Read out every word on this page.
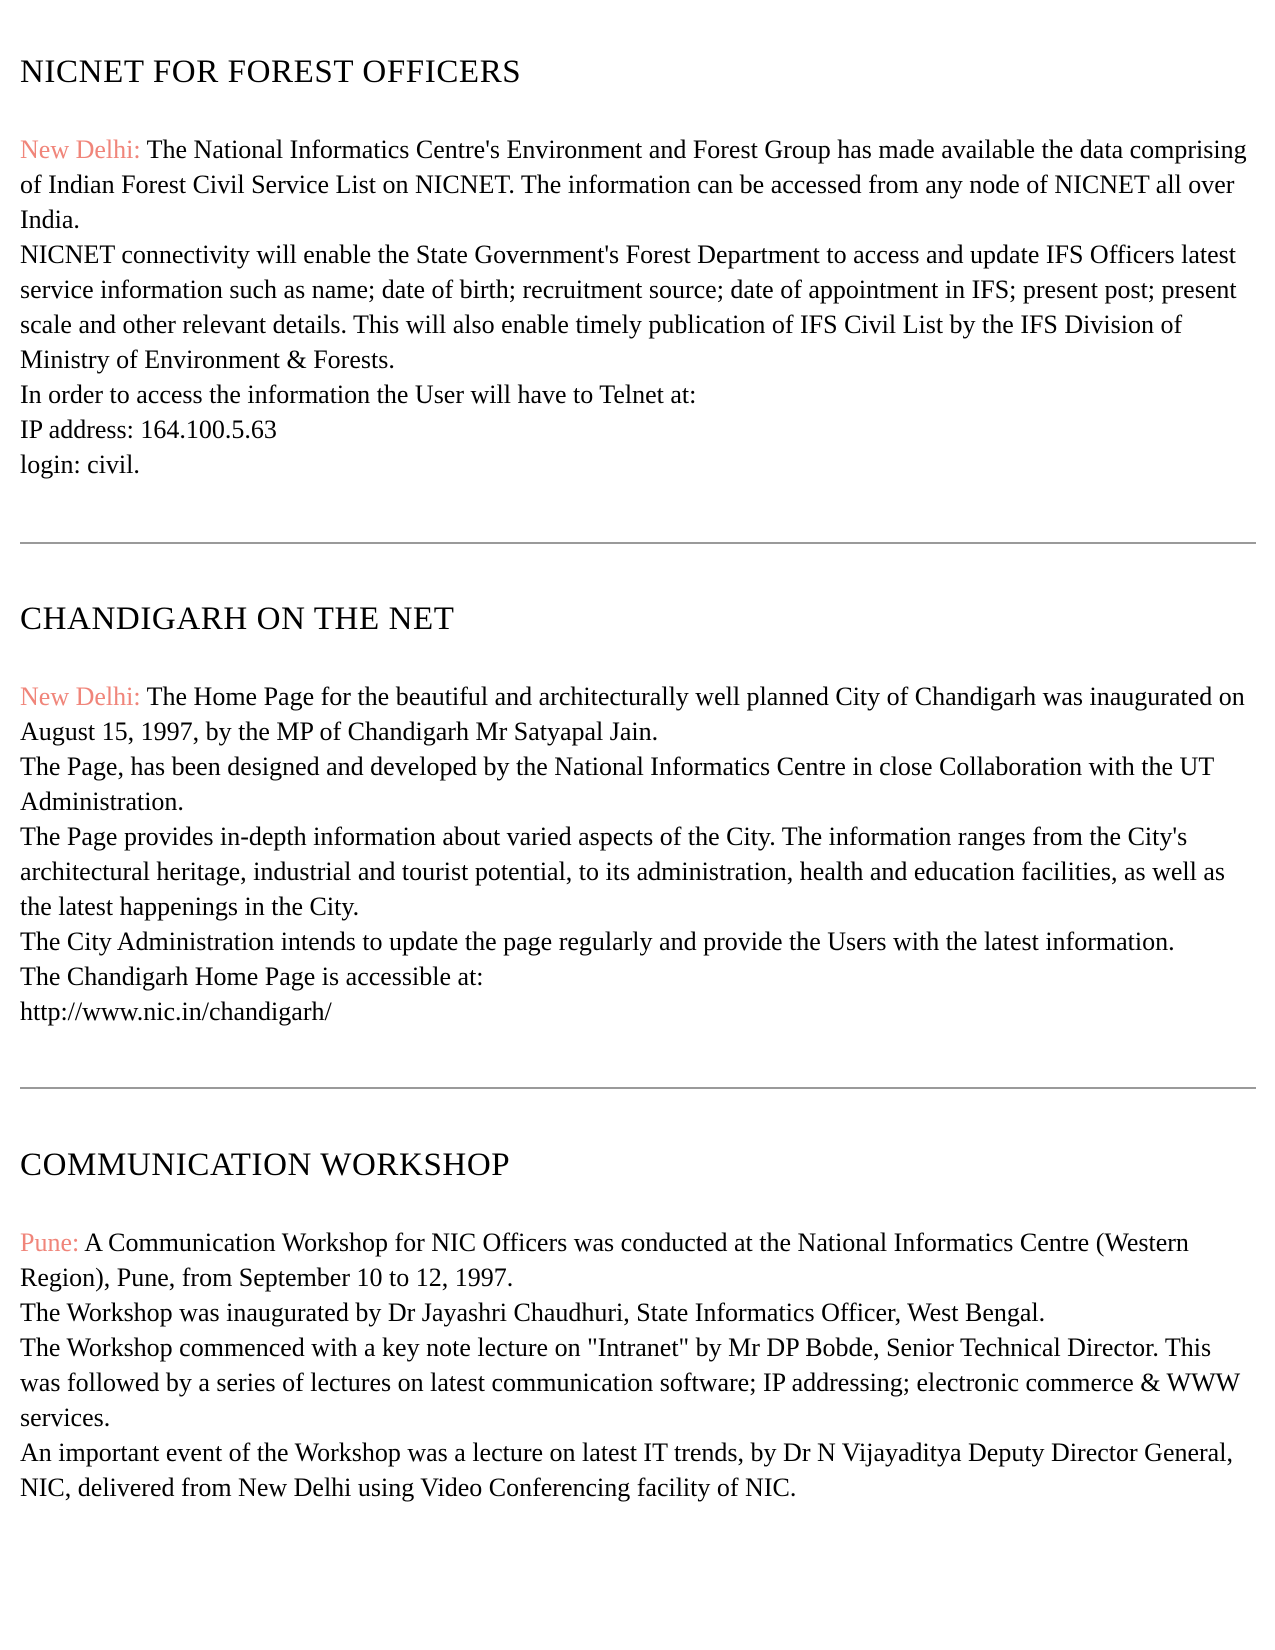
NICNET FOR FOREST OFFICERS
New Delhi: The National Informatics Centre's Environment and Forest Group has made available the data comprising of Indian Forest Civil Service List on NICNET. The information can be accessed from any node of NICNET all over India.
NICNET connectivity will enable the State Government's Forest Department to access and update IFS Officers latest service information such as name; date of birth; recruitment source; date of appointment in IFS; present post; present scale and other relevant details. This will also enable timely publication of IFS Civil List by the IFS Division of Ministry of Environment & Forests.
In order to access the information the User will have to Telnet at:
IP address: 164.100.5.63
login: civil.
CHANDIGARH ON THE NET
New Delhi: The Home Page for the beautiful and architecturally well planned City of Chandigarh was inaugurated on August 15, 1997, by the MP of Chandigarh Mr Satyapal Jain.
The Page, has been designed and developed by the National Informatics Centre in close Collaboration with the UT Administration.
The Page provides in-depth information about varied aspects of the City. The information ranges from the City's architectural heritage, industrial and tourist potential, to its administration, health and education facilities, as well as the latest happenings in the City.
The City Administration intends to update the page regularly and provide the Users with the latest information.
The Chandigarh Home Page is accessible at:
http://www.nic.in/chandigarh/
COMMUNICATION WORKSHOP
Pune: A Communication Workshop for NIC Officers was conducted at the National Informatics Centre (Western Region), Pune, from September 10 to 12, 1997.
The Workshop was inaugurated by Dr Jayashri Chaudhuri, State Informatics Officer, West Bengal.
The Workshop commenced with a key note lecture on "Intranet" by Mr DP Bobde, Senior Technical Director. This was followed by a series of lectures on latest communication software; IP addressing; electronic commerce & WWW services.
An important event of the Workshop was a lecture on latest IT trends, by Dr N Vijayaditya Deputy Director General, NIC, delivered from New Delhi using Video Conferencing facility of NIC.
